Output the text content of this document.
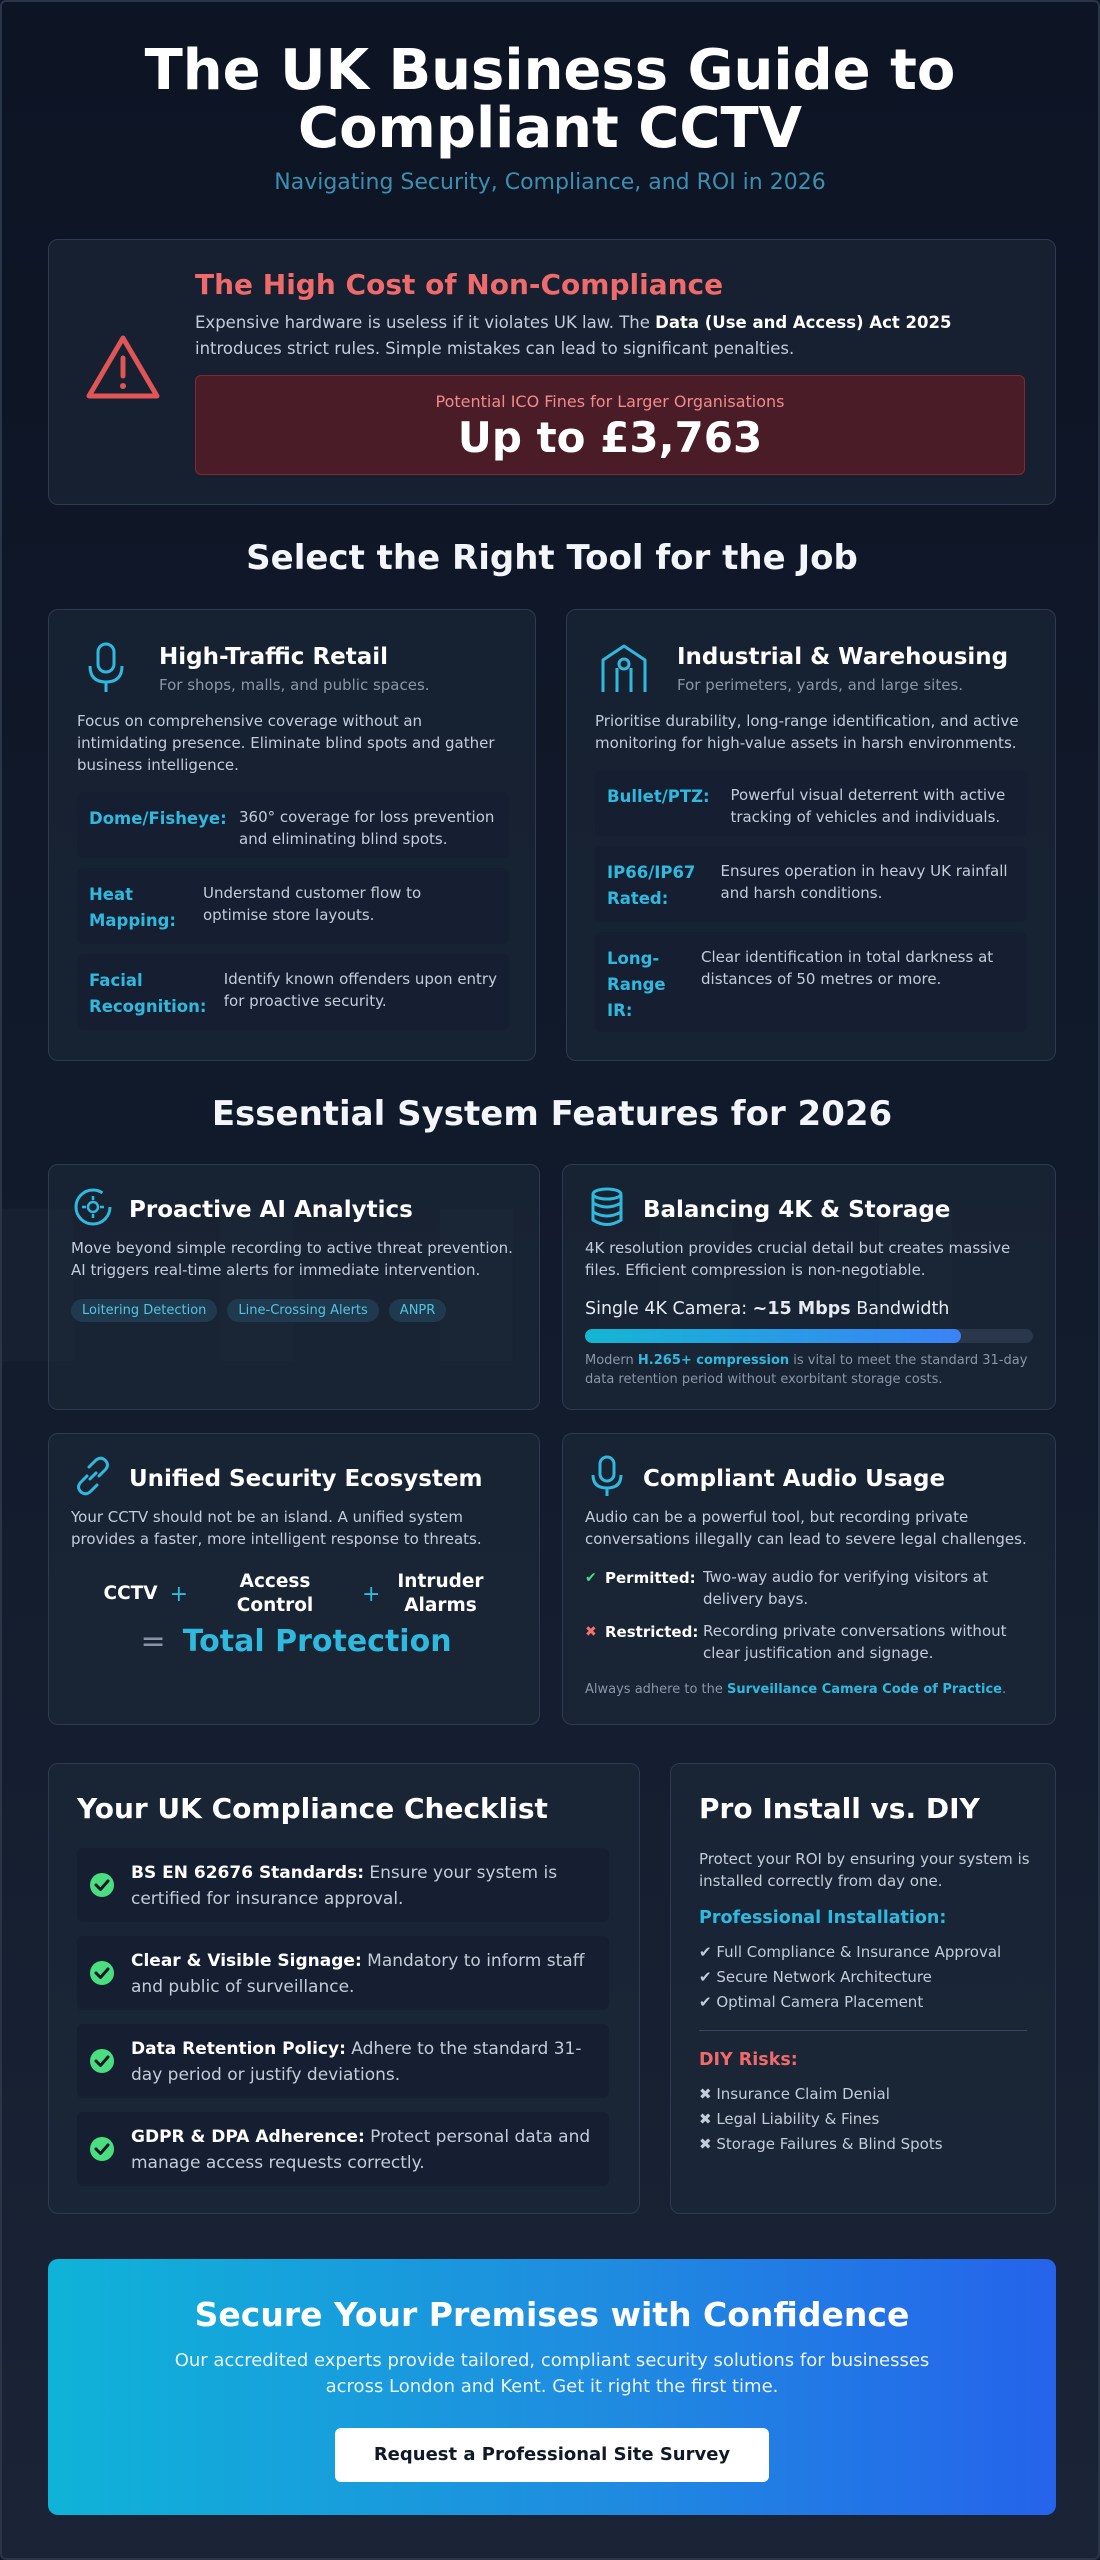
The UK Business Guide to
Compliant CCTV
Navigating Security, Compliance, and ROI in 2026
The High Cost of Non-Compliance

Expensive hardware is useless if it violates UK law. The Data (Use and Access) Act 2025 introduces strict rules. Simple mistakes can lead to significant penalties.

Potential ICO Fines for Larger Organisations
Up to £3,763
Select the Right Tool for the Job
High-Traffic Retail
For shops, malls, and public spaces.
Focus on comprehensive coverage without an intimidating presence. Eliminate blind spots and gather business intelligence.
Dome/Fisheye: 360° coverage for loss prevention and eliminating blind spots.
Heat Mapping:
Understand customer flow to optimise store layouts.
Facial Recognition:
Identify known offenders upon entry for proactive security.
Industrial & Warehousing
For perimeters, yards, and large sites.
Prioritise durability, long-range identification, and active monitoring for high-value assets in harsh environments.
Bullet/PTZ:	Powerful visual deterrent with active tracking of vehicles and individuals.
IP66/IP67 Rated:
Ensures operation in heavy UK rainfall and harsh conditions.
Long-Range IR:
Clear identification in total darkness at distances of 50 metres or more.
Essential System Features for 2026
Proactive AI Analytics
Move beyond simple recording to active threat prevention. AI triggers real-time alerts for immediate intervention.
Loitering Detection	Line-Crossing Alerts	ANPR
Balancing 4K & Storage
4K resolution provides crucial detail but creates massive files. Efficient compression is non-negotiable.
Single 4K Camera: ~15 Mbps Bandwidth
Modern H.265+ compression is vital to meet the standard 31-day data retention period without exorbitant storage costs.
Unified Security Ecosystem
Your CCTV should not be an island. A unified system provides a faster, more intelligent response to threats.
CCTV +	Access Control	+ Intruder Alarms
= Total Protection
Compliant Audio Usage
Audio can be a powerful tool, but recording private conversations illegally can lead to severe legal challenges.
✔ Permitted: Two-way audio for verifying visitors at delivery bays.
✖ Restricted: Recording private conversations without clear justification and signage.
Always adhere to the Surveillance Camera Code of Practice.
Your UK Compliance Checklist
BS EN 62676 Standards: Ensure your system is certified for insurance approval.
Clear & Visible Signage: Mandatory to inform staff and public of surveillance.
Data Retention Policy: Adhere to the standard 31-day period or justify deviations.
GDPR & DPA Adherence: Protect personal data and manage access requests correctly.
Pro Install vs. DIY
Protect your ROI by ensuring your system is installed correctly from day one.
Professional Installation:
✔ Full Compliance & Insurance Approval
✔ Secure Network Architecture
✔ Optimal Camera Placement
DIY Risks:
✖ Insurance Claim Denial
✖ Legal Liability & Fines
✖ Storage Failures & Blind Spots
Secure Your Premises with Confidence

Our accredited experts provide tailored, compliant security solutions for businesses across London and Kent. Get it right the first time.

Request a Professional Site Survey
